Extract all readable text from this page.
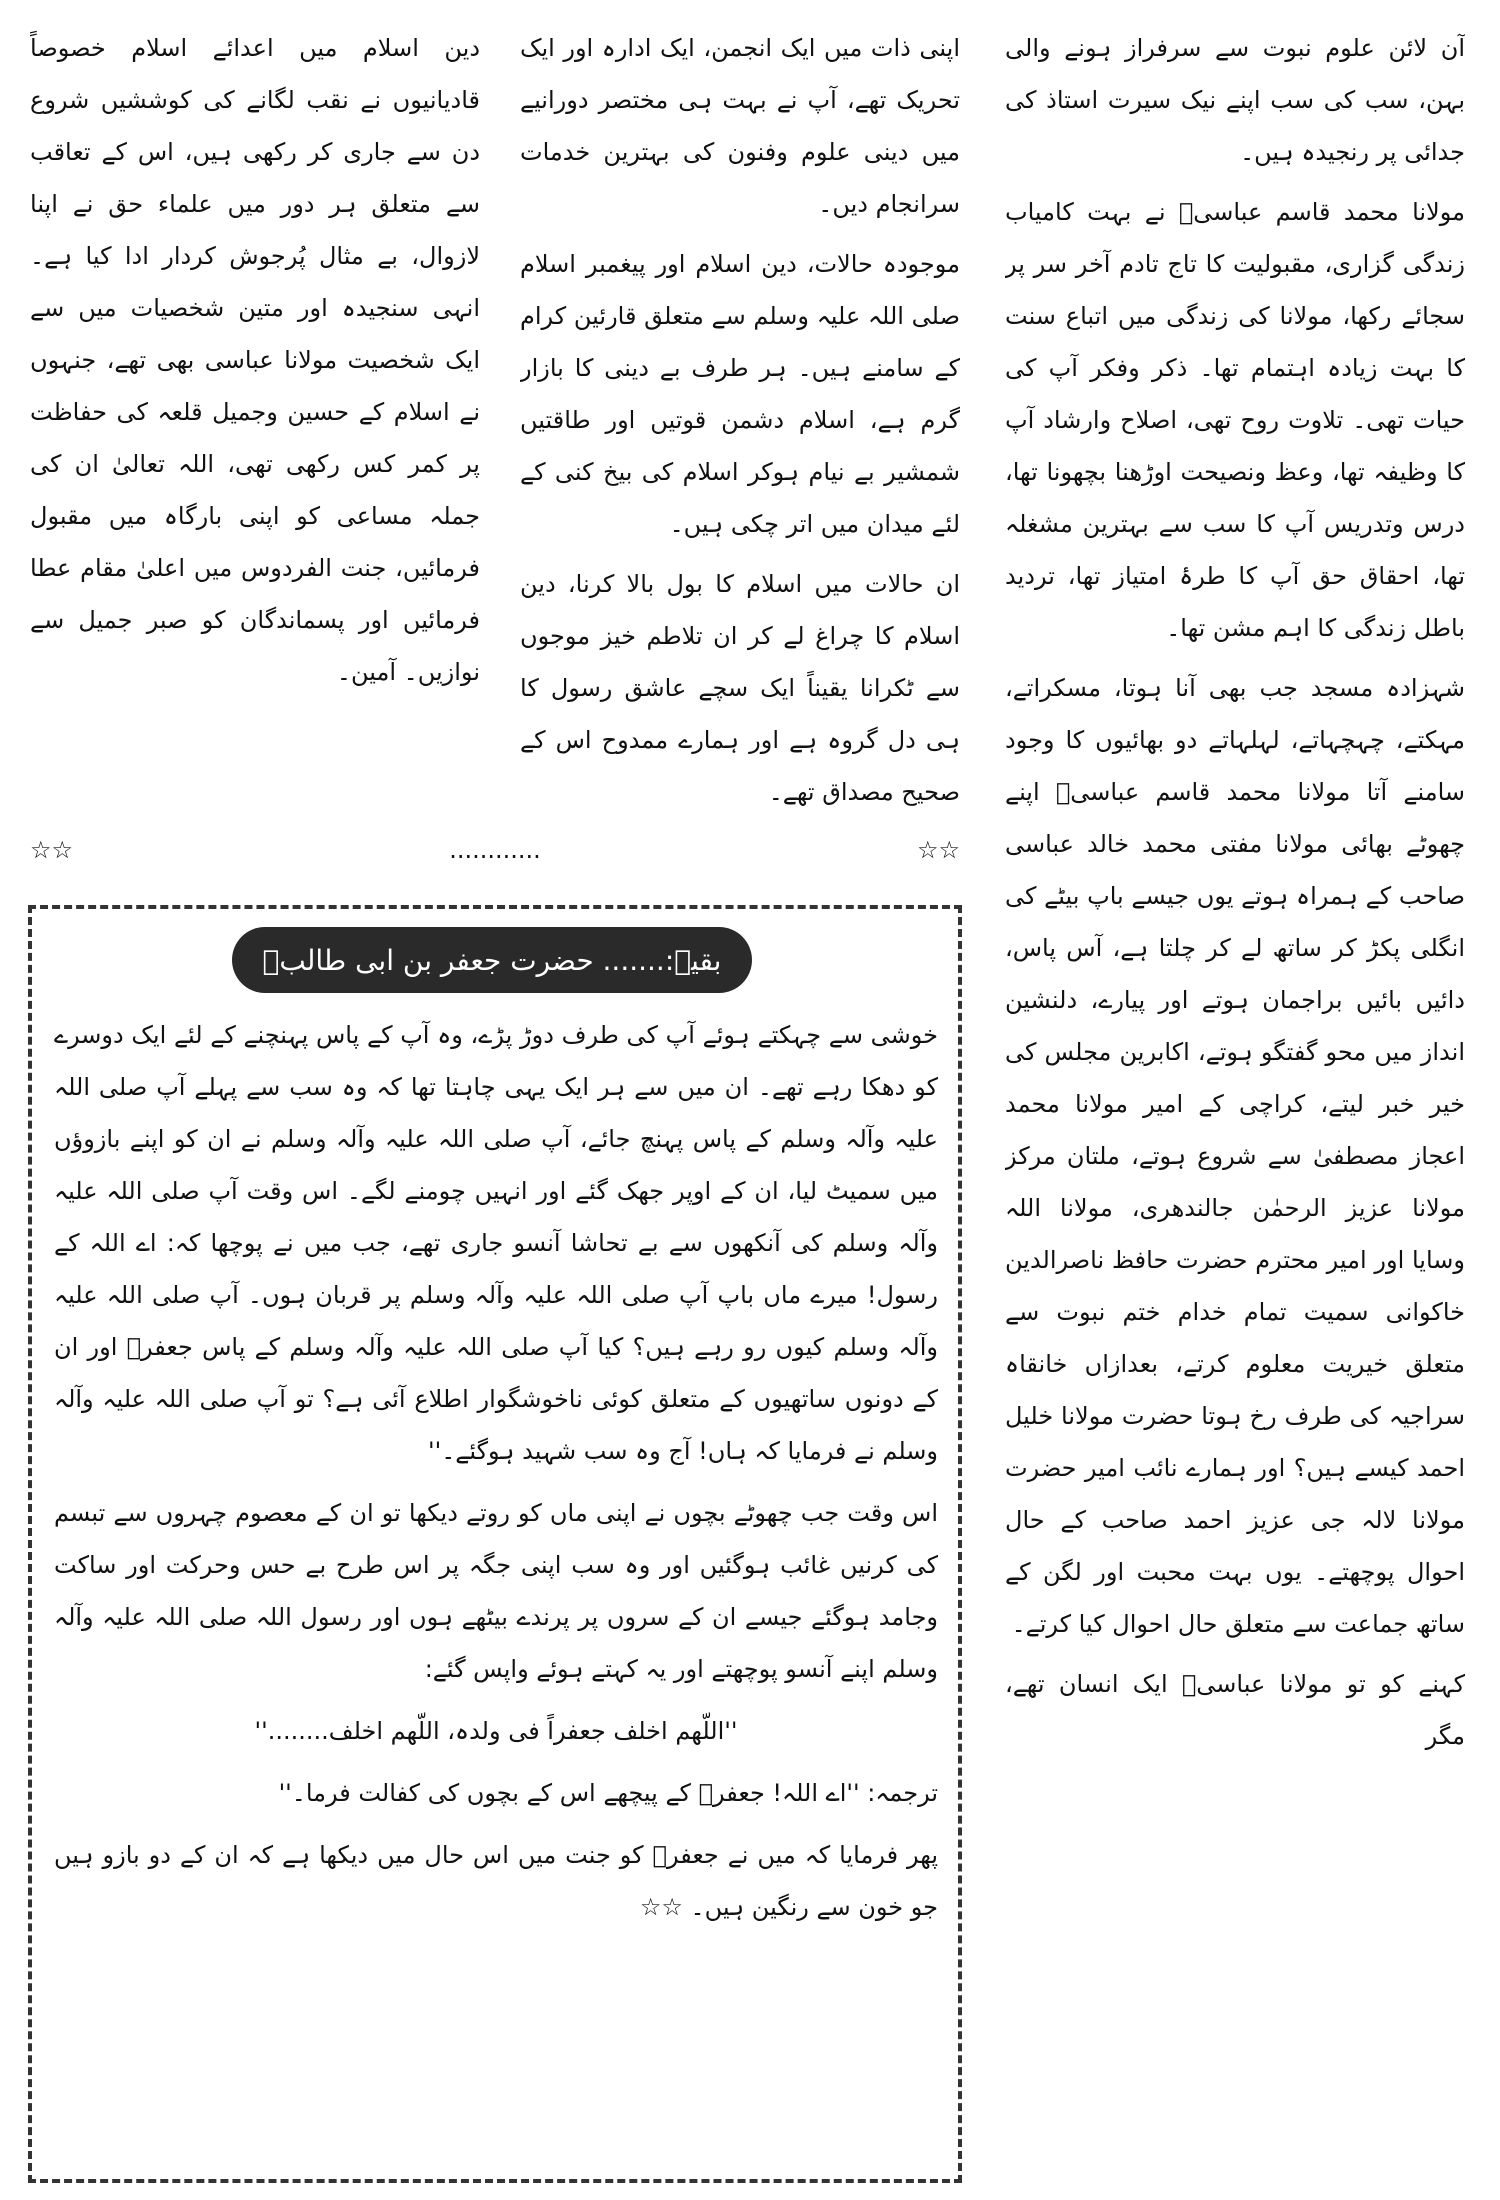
آن لائن علوم نبوت سے سرفراز ہونے والی بہن، سب کی سب اپنے نیک سیرت استاذ کی جدائی پر رنجیدہ ہیں۔

مولانا محمد قاسم عباسیؒ نے بہت کامیاب زندگی گزاری، مقبولیت کا تاج تادم آخر سر پر سجائے رکھا، مولانا کی زندگی میں اتباع سنت کا بہت زیادہ اہتمام تھا۔ ذکر وفکر آپ کی حیات تھی۔ تلاوت روح تھی، اصلاح وارشاد آپ کا وظیفہ تھا، وعظ ونصیحت اوڑھنا بچھونا تھا، درس وتدریس آپ کا سب سے بہترین مشغلہ تھا، احقاق حق آپ کا طرۂ امتیاز تھا، تردید باطل زندگی کا اہم مشن تھا۔

شہزادہ مسجد جب بھی آنا ہوتا، مسکراتے، مہکتے، چہچہاتے، لہلہاتے دو بھائیوں کا وجود سامنے آتا مولانا محمد قاسم عباسیؒ اپنے چھوٹے بھائی مولانا مفتی محمد خالد عباسی صاحب کے ہمراہ ہوتے یوں جیسے باپ بیٹے کی انگلی پکڑ کر ساتھ لے کر چلتا ہے، آس پاس، دائیں بائیں براجمان ہوتے اور پیارے، دلنشین انداز میں محو گفتگو ہوتے، اکابرین مجلس کی خیر خبر لیتے، کراچی کے امیر مولانا محمد اعجاز مصطفیٰ سے شروع ہوتے، ملتان مرکز مولانا عزیز الرحمٰن جالندھری، مولانا اللہ وسایا اور امیر محترم حضرت حافظ ناصرالدین خاکوانی سمیت تمام خدام ختم نبوت سے متعلق خیریت معلوم کرتے، بعدازاں خانقاہ سراجیہ کی طرف رخ ہوتا حضرت مولانا خلیل احمد کیسے ہیں؟ اور ہمارے نائب امیر حضرت مولانا لالہ جی عزیز احمد صاحب کے حال احوال پوچھتے۔ یوں بہت محبت اور لگن کے ساتھ جماعت سے متعلق حال احوال کیا کرتے۔

کہنے کو تو مولانا عباسیؒ ایک انسان تھے، مگر

اپنی ذات میں ایک انجمن، ایک ادارہ اور ایک تحریک تھے، آپ نے بہت ہی مختصر دورانیے میں دینی علوم وفنون کی بہترین خدمات سرانجام دیں۔

موجودہ حالات، دین اسلام اور پیغمبر اسلام صلی اللہ علیہ وسلم سے متعلق قارئین کرام کے سامنے ہیں۔ ہر طرف بے دینی کا بازار گرم ہے، اسلام دشمن قوتیں اور طاقتیں شمشیر بے نیام ہوکر اسلام کی بیخ کنی کے لئے میدان میں اتر چکی ہیں۔

ان حالات میں اسلام کا بول بالا کرنا، دین اسلام کا چراغ لے کر ان تلاطم خیز موجوں سے ٹکرانا یقیناً ایک سچے عاشق رسول کا ہی دل گروہ ہے اور ہمارے ممدوح اس کے صحیح مصداق تھے۔

دین اسلام میں اعدائے اسلام خصوصاً قادیانیوں نے نقب لگانے کی کوششیں شروع دن سے جاری کر رکھی ہیں، اس کے تعاقب سے متعلق ہر دور میں علماء حق نے اپنا لازوال، بے مثال پُرجوش کردار ادا کیا ہے۔ انہی سنجیدہ اور متین شخصیات میں سے ایک شخصیت مولانا عباسی بھی تھے، جنہوں نے اسلام کے حسین وجمیل قلعہ کی حفاظت پر کمر کس رکھی تھی، اللہ تعالیٰ ان کی جملہ مساعی کو اپنی بارگاہ میں مقبول فرمائیں، جنت الفردوس میں اعلیٰ مقام عطا فرمائیں اور پسماندگان کو صبر جمیل سے نوازیں۔ آمین۔

☆☆
............
☆☆
بقیہ:....... حضرت جعفر بن ابی طالبؓ

خوشی سے چہکتے ہوئے آپ کی طرف دوڑ پڑے، وہ آپ کے پاس پہنچنے کے لئے ایک دوسرے کو دھکا رہے تھے۔ ان میں سے ہر ایک یہی چاہتا تھا کہ وہ سب سے پہلے آپ صلی اللہ علیہ وآلہ وسلم کے پاس پہنچ جائے، آپ صلی اللہ علیہ وآلہ وسلم نے ان کو اپنے بازوؤں میں سمیٹ لیا، ان کے اوپر جھک گئے اور انہیں چومنے لگے۔ اس وقت آپ صلی اللہ علیہ وآلہ وسلم کی آنکھوں سے بے تحاشا آنسو جاری تھے، جب میں نے پوچھا کہ: اے اللہ کے رسول! میرے ماں باپ آپ صلی اللہ علیہ وآلہ وسلم پر قربان ہوں۔ آپ صلی اللہ علیہ وآلہ وسلم کیوں رو رہے ہیں؟ کیا آپ صلی اللہ علیہ وآلہ وسلم کے پاس جعفرؓ اور ان کے دونوں ساتھیوں کے متعلق کوئی ناخوشگوار اطلاع آئی ہے؟ تو آپ صلی اللہ علیہ وآلہ وسلم نے فرمایا کہ ہاں! آج وہ سب شہید ہوگئے۔''

اس وقت جب چھوٹے بچوں نے اپنی ماں کو روتے دیکھا تو ان کے معصوم چہروں سے تبسم کی کرنیں غائب ہوگئیں اور وہ سب اپنی جگہ پر اس طرح بے حس وحرکت اور ساکت وجامد ہوگئے جیسے ان کے سروں پر پرندے بیٹھے ہوں اور رسول اللہ صلی اللہ علیہ وآلہ وسلم اپنے آنسو پوچھتے اور یہ کہتے ہوئے واپس گئے:

''اللّھم اخلف جعفراً فی ولدہ، اللّھم اخلف........''

ترجمہ: ''اے اللہ! جعفرؓ کے پیچھے اس کے بچوں کی کفالت فرما۔''

پھر فرمایا کہ میں نے جعفرؓ کو جنت میں اس حال میں دیکھا ہے کہ ان کے دو بازو ہیں جو خون سے رنگین ہیں۔ ☆☆
